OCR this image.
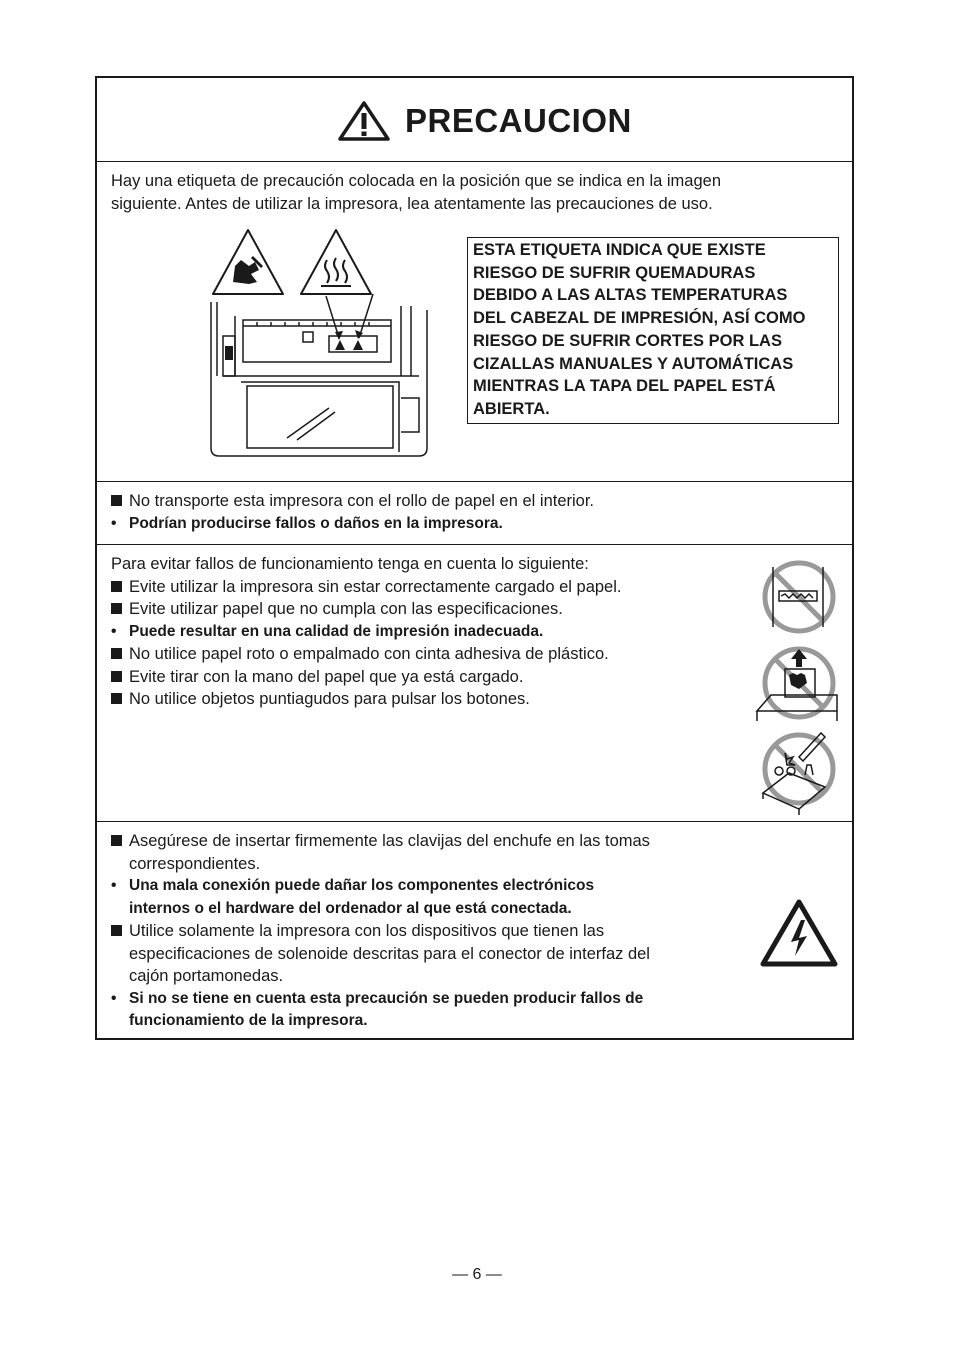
PRECAUCION
Hay una etiqueta de precaución colocada en la posición que se indica en la imagen
siguiente. Antes de utilizar la impresora, lea atentamente las precauciones de uso.
ESTA ETIQUETA INDICA QUE EXISTE
RIESGO DE SUFRIR QUEMADURAS
DEBIDO A LAS ALTAS TEMPERATURAS
DEL CABEZAL DE IMPRESIÓN, ASÍ COMO
RIESGO DE SUFRIR CORTES POR LAS
CIZALLAS MANUALES Y AUTOMÁTICAS
MIENTRAS LA TAPA DEL PAPEL ESTÁ
ABIERTA.
No transporte esta impresora con el rollo de papel en el interior.
• Podrían producirse fallos o daños en la impresora.
Para evitar fallos de funcionamiento tenga en cuenta lo siguiente:
Evite utilizar la impresora sin estar correctamente cargado el papel.
Evite utilizar papel que no cumpla con las especificaciones.
• Puede resultar en una calidad de impresión inadecuada.
No utilice papel roto o empalmado con cinta adhesiva de plástico.
Evite tirar con la mano del papel que ya está cargado.
No utilice objetos puntiagudos para pulsar los botones.
Asegúrese de insertar firmemente las clavijas del enchufe en las tomas
correspondientes.
• Una mala conexión puede dañar los componentes electrónicos
internos o el hardware del ordenador al que está conectada.
Utilice solamente la impresora con los dispositivos que tienen las
especificaciones de solenoide descritas para el conector de interfaz del
cajón portamonedas.
• Si no se tiene en cuenta esta precaución se pueden producir fallos de
funcionamiento de la impresora.
— 6 —
